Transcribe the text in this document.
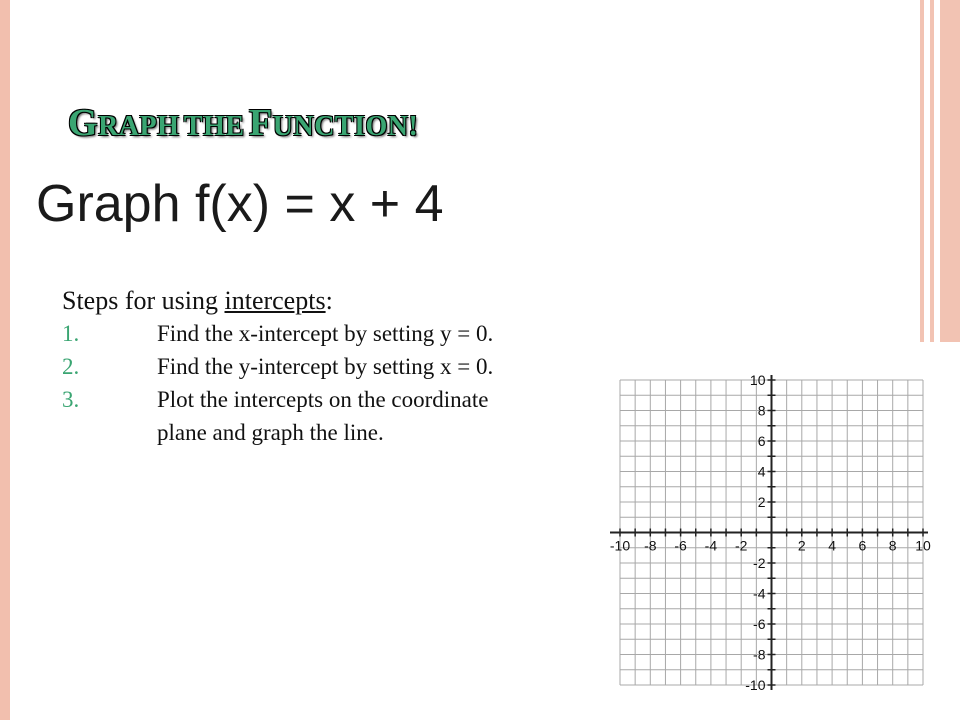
GRAPH THE FUNCTION!
Graph f(x) = x + 4
Steps for using intercepts:
1.	Find the x-intercept by setting y = 0.
2.	Find the y-intercept by setting x = 0.
3.	Plot the intercepts on the coordinate plane and graph the line.
-10 -8 -6 -4 -2	2 4 6 8 10
10
8
6
4
2
-2
-4
-6
-8
-10
